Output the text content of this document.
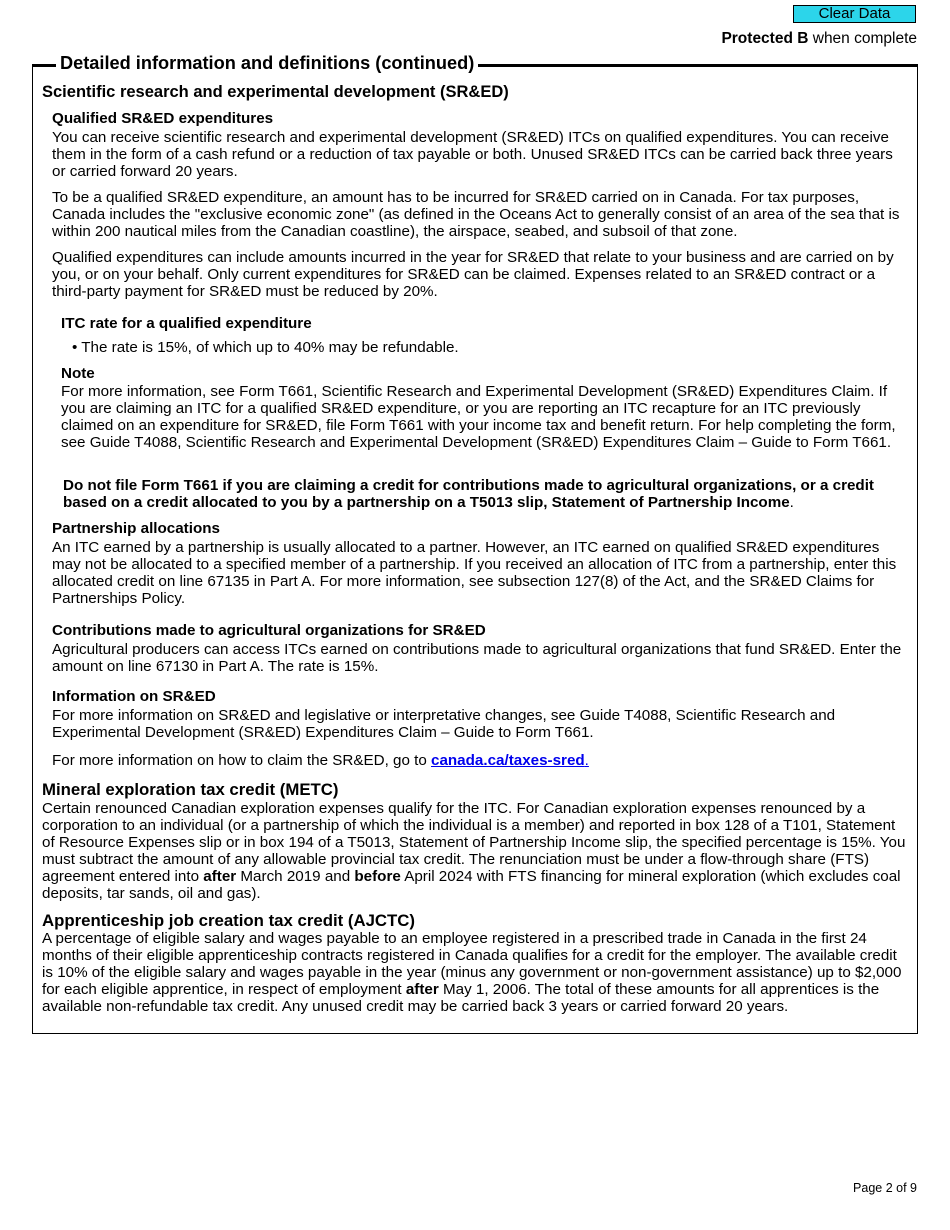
Clear Data
Protected B when complete
Detailed information and definitions (continued)
Scientific research and experimental development (SR&ED)
Qualified SR&ED expenditures

You can receive scientific research and experimental development (SR&ED) ITCs on qualified expenditures. You can receive them in the form of a cash refund or a reduction of tax payable or both. Unused SR&ED ITCs can be carried back three years or carried forward 20 years.

To be a qualified SR&ED expenditure, an amount has to be incurred for SR&ED carried on in Canada. For tax purposes, Canada includes the "exclusive economic zone" (as defined in the Oceans Act to generally consist of an area of the sea that is within 200 nautical miles from the Canadian coastline), the airspace, seabed, and subsoil of that zone.

Qualified expenditures can include amounts incurred in the year for SR&ED that relate to your business and are carried on by you, or on your behalf. Only current expenditures for SR&ED can be claimed. Expenses related to an SR&ED contract or a third-party payment for SR&ED must be reduced by 20%.

ITC rate for a qualified expenditure

• The rate is 15%, of which up to 40% may be refundable.

Note

For more information, see Form T661, Scientific Research and Experimental Development (SR&ED) Expenditures Claim. If you are claiming an ITC for a qualified SR&ED expenditure, or you are reporting an ITC recapture for an ITC previously claimed on an expenditure for SR&ED, file Form T661 with your income tax and benefit return. For help completing the form, see Guide T4088, Scientific Research and Experimental Development (SR&ED) Expenditures Claim – Guide to Form T661.

Do not file Form T661 if you are claiming a credit for contributions made to agricultural organizations, or a credit based on a credit allocated to you by a partnership on a T5013 slip, Statement of Partnership Income.

Partnership allocations

An ITC earned by a partnership is usually allocated to a partner. However, an ITC earned on qualified SR&ED expenditures may not be allocated to a specified member of a partnership. If you received an allocation of ITC from a partnership, enter this allocated credit on line 67135 in Part A. For more information, see subsection 127(8) of the Act, and the SR&ED Claims for Partnerships Policy.

Contributions made to agricultural organizations for SR&ED

Agricultural producers can access ITCs earned on contributions made to agricultural organizations that fund SR&ED. Enter the amount on line 67130 in Part A. The rate is 15%.

Information on SR&ED

For more information on SR&ED and legislative or interpretative changes, see Guide T4088, Scientific Research and Experimental Development (SR&ED) Expenditures Claim – Guide to Form T661.

For more information on how to claim the SR&ED, go to canada.ca/taxes-sred.

Mineral exploration tax credit (METC)

Certain renounced Canadian exploration expenses qualify for the ITC. For Canadian exploration expenses renounced by a corporation to an individual (or a partnership of which the individual is a member) and reported in box 128 of a T101, Statement of Resource Expenses slip or in box 194 of a T5013, Statement of Partnership Income slip, the specified percentage is 15%. You must subtract the amount of any allowable provincial tax credit. The renunciation must be under a flow-through share (FTS) agreement entered into after March 2019 and before April 2024 with FTS financing for mineral exploration (which excludes coal deposits, tar sands, oil and gas).

Apprenticeship job creation tax credit (AJCTC)

A percentage of eligible salary and wages payable to an employee registered in a prescribed trade in Canada in the first 24 months of their eligible apprenticeship contracts registered in Canada qualifies for a credit for the employer. The available credit is 10% of the eligible salary and wages payable in the year (minus any government or non-government assistance) up to $2,000 for each eligible apprentice, in respect of employment after May 1, 2006. The total of these amounts for all apprentices is the available non-refundable tax credit. Any unused credit may be carried back 3 years or carried forward 20 years.

Page 2 of 9
